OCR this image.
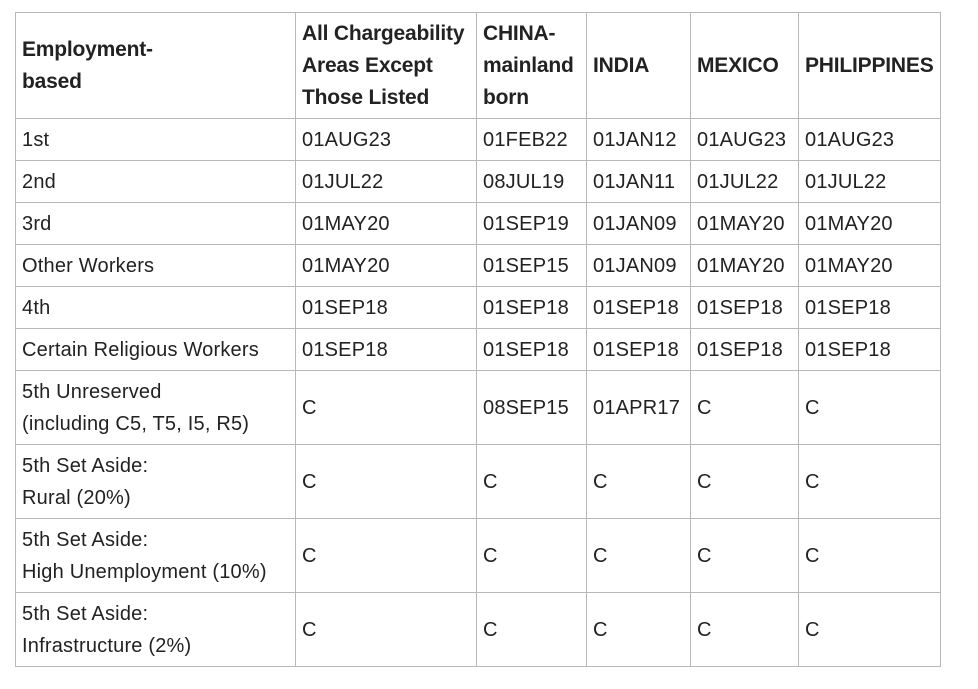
Employment-
based	All Chargeability
Areas Except
Those Listed	CHINA-
mainland
born	INDIA	MEXICO	PHILIPPINES
1st	01AUG23	01FEB22	01JAN12	01AUG23	01AUG23
2nd	01JUL22	08JUL19	01JAN11	01JUL22	01JUL22
3rd	01MAY20	01SEP19	01JAN09	01MAY20	01MAY20
Other Workers	01MAY20	01SEP15	01JAN09	01MAY20	01MAY20
4th	01SEP18	01SEP18	01SEP18	01SEP18	01SEP18
Certain Religious Workers	01SEP18	01SEP18	01SEP18	01SEP18	01SEP18
5th Unreserved
(including C5, T5, I5, R5)	C	08SEP15	01APR17	C	C
5th Set Aside:
Rural (20%)	C	C	C	C	C
5th Set Aside:
High Unemployment (10%)	C	C	C	C	C
5th Set Aside:
Infrastructure (2%)	C	C	C	C	C
